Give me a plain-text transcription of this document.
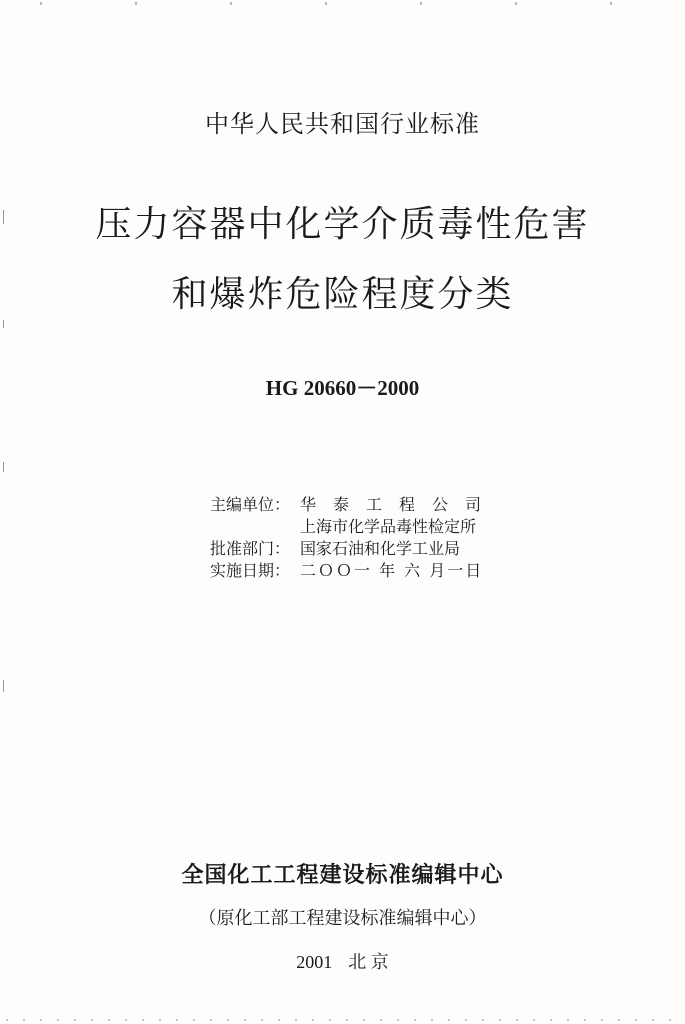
中华人民共和国行业标准
压力容器中化学介质毒性危害
和爆炸危险程度分类
HG 20660－2000
主编单位： 华泰工程公司
上海市化学品毒性检定所
批准部门： 国家石油和化学工业局
实施日期： 二ＯＯ一 年 六 月一日
全国化工工程建设标准编辑中心
（原化工部工程建设标准编辑中心）
2001 北 京
